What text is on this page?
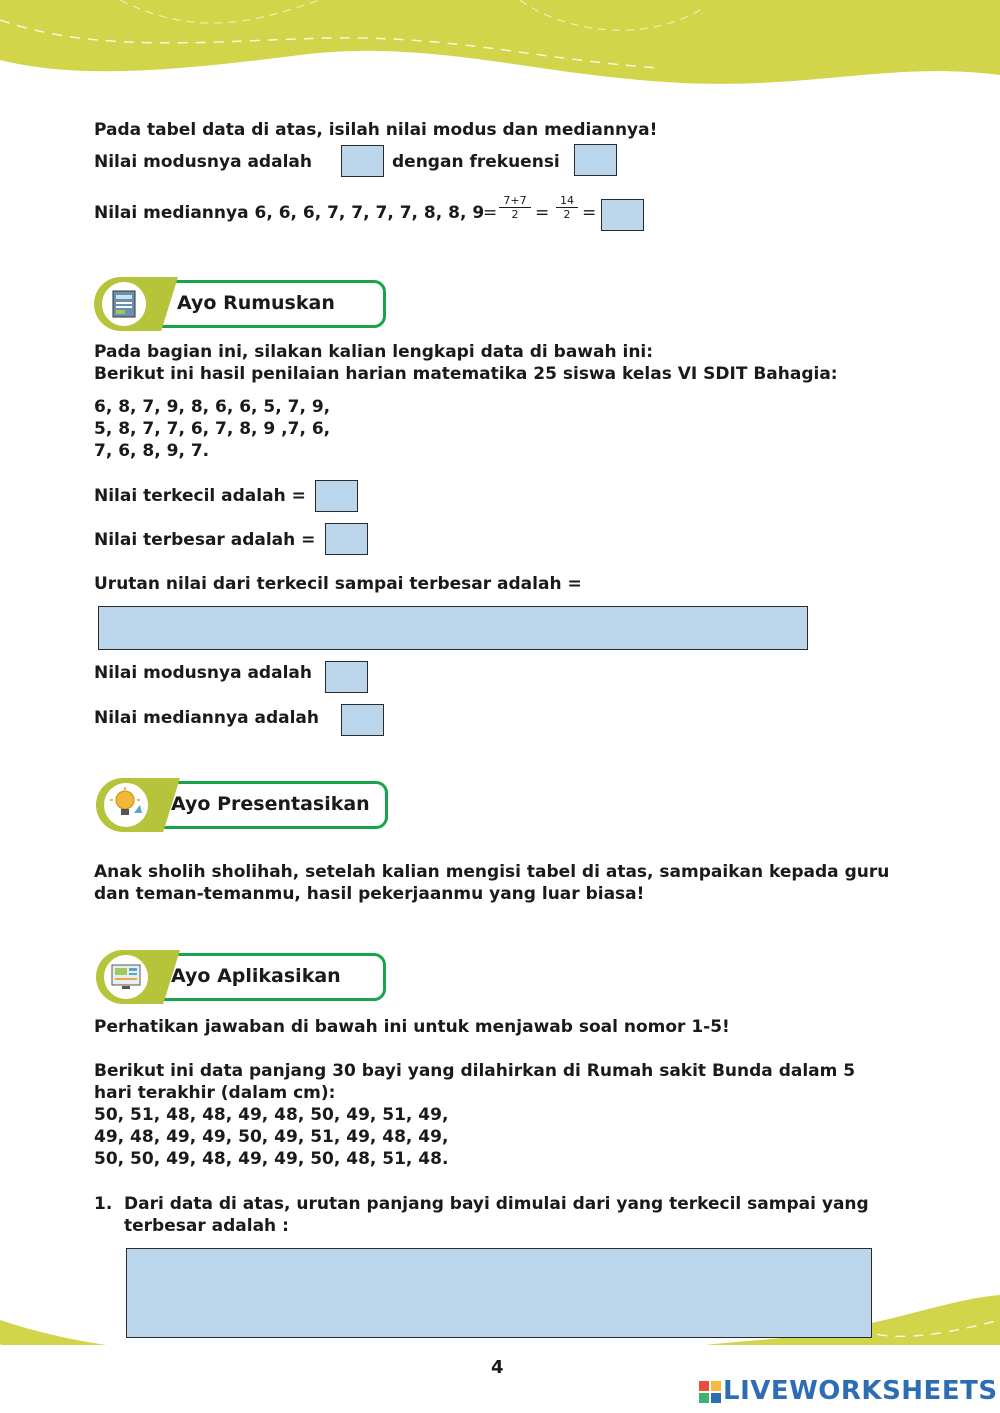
Pada tabel data di atas, isilah nilai modus dan mediannya!
Nilai modusnya adalah	dengan frekuensi
Nilai mediannya 6, 6, 6, 7, 7, 7, 7, 8, 8, 9
= $\frac{7+7}{2} = \frac{14}{2}$ =
Ayo Rumuskan
Pada bagian ini, silakan kalian lengkapi data di bawah ini:
Berikut ini hasil penilaian harian matematika 25 siswa kelas VI SDIT Bahagia:
6, 8, 7, 9, 8, 6, 6, 5, 7, 9,
5, 8, 7, 7, 6, 7, 8, 9 ,7, 6,
7, 6, 8, 9, 7.
Nilai terkecil adalah =
Nilai terbesar adalah =
Urutan nilai dari terkecil sampai terbesar adalah =
Nilai modusnya adalah
Nilai mediannya adalah
Ayo Presentasikan
Anak sholih sholihah, setelah kalian mengisi tabel di atas, sampaikan kepada guru
dan teman-temanmu, hasil pekerjaanmu yang luar biasa!
Ayo Aplikasikan
Perhatikan jawaban di bawah ini untuk menjawab soal nomor 1-5!
Berikut ini data panjang 30 bayi yang dilahirkan di Rumah sakit Bunda dalam 5
hari terakhir (dalam cm):
50, 51, 48, 48, 49, 48, 50, 49, 51, 49,
49, 48, 49, 49, 50, 49, 51, 49, 48, 49,
50, 50, 49, 48, 49, 49, 50, 48, 51, 48.
1. Dari data di atas, urutan panjang bayi dimulai dari yang terkecil sampai yang
terbesar adalah :
4
LIVEWORKSHEETS
